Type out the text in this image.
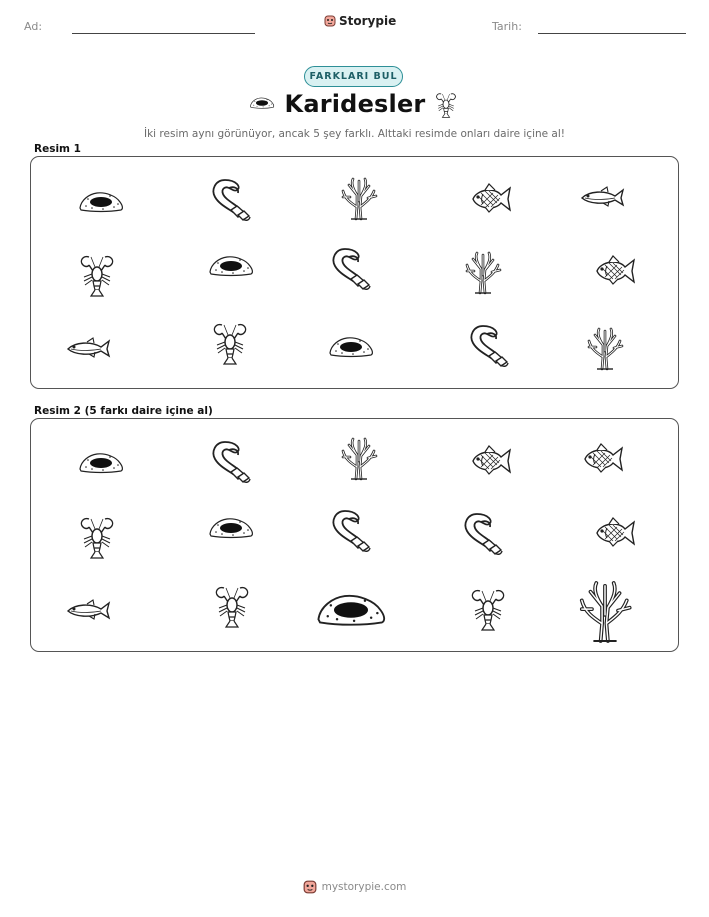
Ad:	Storypie	Tarih:
FARKLARI BUL
Karidesler
İki resim aynı görünüyor, ancak 5 şey farklı. Alttaki resimde onları daire içine al!
Resim 1
Resim 2 (5 farkı daire içine al)
mystorypie.com
